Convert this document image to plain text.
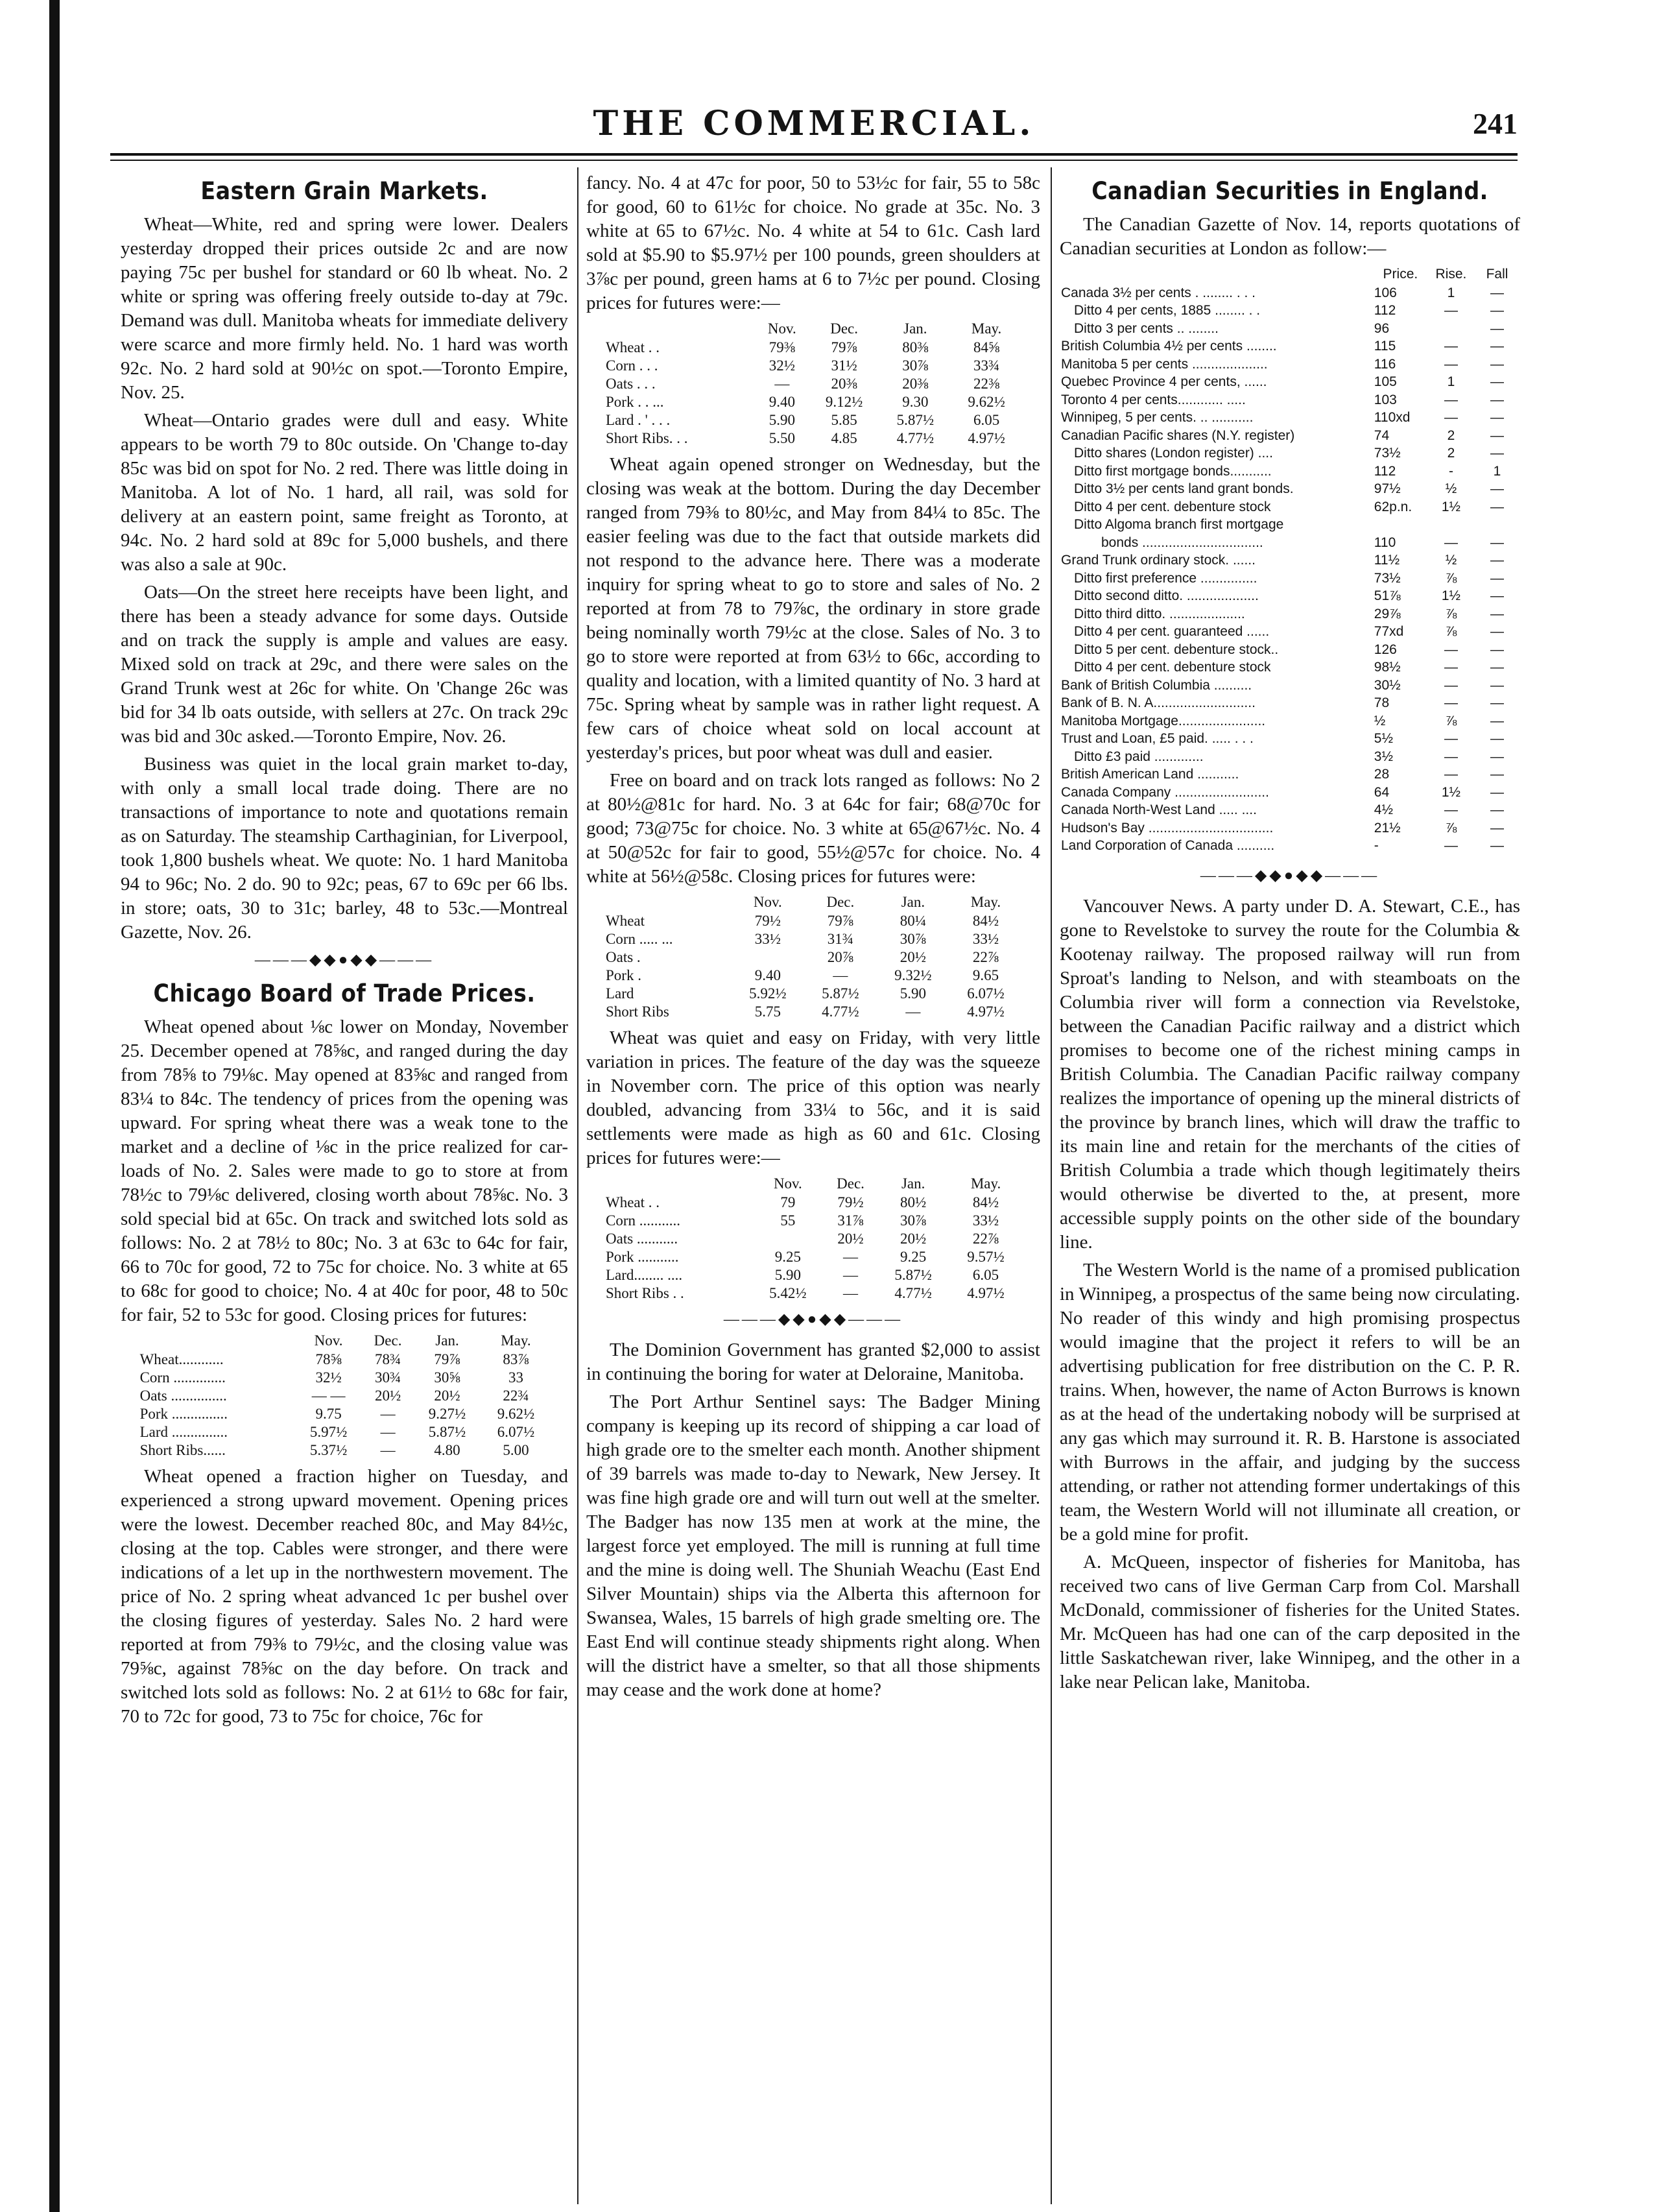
THE COMMERCIAL.	241
Eastern Grain Markets.

Wheat—White, red and spring were lower. Dealers yesterday dropped their prices outside 2c and are now paying 75c per bushel for standard or 60 lb wheat. No. 2 white or spring was offering freely outside to-day at 79c. Demand was dull. Manitoba wheats for immediate delivery were scarce and more firmly held. No. 1 hard was worth 92c. No. 2 hard sold at 90½c on spot.—Toronto Empire, Nov. 25.

Wheat—Ontario grades were dull and easy. White appears to be worth 79 to 80c outside. On 'Change to-day 85c was bid on spot for No. 2 red. There was little doing in Manitoba. A lot of No. 1 hard, all rail, was sold for delivery at an eastern point, same freight as Toronto, at 94c. No. 2 hard sold at 89c for 5,000 bushels, and there was also a sale at 90c.

Oats—On the street here receipts have been light, and there has been a steady advance for some days. Outside and on track the supply is ample and values are easy. Mixed sold on track at 29c, and there were sales on the Grand Trunk west at 26c for white. On 'Change 26c was bid for 34 lb oats outside, with sellers at 27c. On track 29c was bid and 30c asked.—Toronto Empire, Nov. 26.

Business was quiet in the local grain market to-day, with only a small local trade doing. There are no transactions of importance to note and quotations remain as on Saturday. The steamship Carthaginian, for Liverpool, took 1,800 bushels wheat. We quote: No. 1 hard Manitoba 94 to 96c; No. 2 do. 90 to 92c; peas, 67 to 69c per 66 lbs. in store; oats, 30 to 31c; barley, 48 to 53c.—Montreal Gazette, Nov. 26.

———◆◆●◆◆———
Chicago Board of Trade Prices.

Wheat opened about ⅛c lower on Monday, November 25. December opened at 78⅝c, and ranged during the day from 78⅝ to 79⅛c. May opened at 83⅝c and ranged from 83¼ to 84c. The tendency of prices from the opening was upward. For spring wheat there was a weak tone to the market and a decline of ⅛c in the price realized for car-loads of No. 2. Sales were made to go to store at from 78½c to 79⅛c delivered, closing worth about 78⅝c. No. 3 sold special bid at 65c. On track and switched lots sold as follows: No. 2 at 78½ to 80c; No. 3 at 63c to 64c for fair, 66 to 70c for good, 72 to 75c for choice. No. 3 white at 65 to 68c for good to choice; No. 4 at 40c for poor, 48 to 50c for fair, 52 to 53c for good. Closing prices for futures:

	Nov.	Dec.	Jan.	May.
Wheat............	78⅝	78¾	79⅞	83⅞
Corn ..............	32½	30¾	30⅝	33
Oats ...............	— —	20½	20½	22¾
Pork ...............	9.75	—	9.27½	9.62½
Lard ...............	5.97½	—	5.87½	6.07½
Short Ribs......	5.37½	—	4.80	5.00

Wheat opened a fraction higher on Tuesday, and experienced a strong upward movement. Opening prices were the lowest. December reached 80c, and May 84½c, closing at the top. Cables were stronger, and there were indications of a let up in the northwestern movement. The price of No. 2 spring wheat advanced 1c per bushel over the closing figures of yesterday. Sales No. 2 hard were reported at from 79⅜ to 79½c, and the closing value was 79⅝c, against 78⅝c on the day before. On track and switched lots sold as follows: No. 2 at 61½ to 68c for fair, 70 to 72c for good, 73 to 75c for choice, 76c for

fancy. No. 4 at 47c for poor, 50 to 53½c for fair, 55 to 58c for good, 60 to 61½c for choice. No grade at 35c. No. 3 white at 65 to 67½c. No. 4 white at 54 to 61c. Cash lard sold at $5.90 to $5.97½ per 100 pounds, green shoulders at 3⅞c per pound, green hams at 6 to 7½c per pound. Closing prices for futures were:—

	Nov.	Dec.	Jan.	May.
Wheat . .	79⅜	79⅞	80⅜	84⅝
Corn . . .	32½	31½	30⅞	33¾
Oats . . .	—	20⅜	20⅜	22⅜
Pork . . ...	9.40	9.12½	9.30	9.62½
Lard . ' . . .	5.90	5.85	5.87½	6.05
Short Ribs. . .	5.50	4.85	4.77½	4.97½

Wheat again opened stronger on Wednesday, but the closing was weak at the bottom. During the day December ranged from 79⅜ to 80½c, and May from 84¼ to 85c. The easier feeling was due to the fact that outside markets did not respond to the advance here. There was a moderate inquiry for spring wheat to go to store and sales of No. 2 reported at from 78 to 79⅞c, the ordinary in store grade being nominally worth 79½c at the close. Sales of No. 3 to go to store were reported at from 63½ to 66c, according to quality and location, with a limited quantity of No. 3 hard at 75c. Spring wheat by sample was in rather light request. A few cars of choice wheat sold on local account at yesterday's prices, but poor wheat was dull and easier.

Free on board and on track lots ranged as follows: No 2 at 80½@81c for hard. No. 3 at 64c for fair; 68@70c for good; 73@75c for choice. No. 3 white at 65@67½c. No. 4 at 50@52c for fair to good, 55½@57c for choice. No. 4 white at 56½@58c. Closing prices for futures were:

	Nov.	Dec.	Jan.	May.
Wheat	79½	79⅞	80¼	84½
Corn ..... ...	33½	31¾	30⅞	33½
Oats .		20⅞	20½	22⅞
Pork .	9.40	—	9.32½	9.65
Lard	5.92½	5.87½	5.90	6.07½
Short Ribs	5.75	4.77½	—	4.97½

Wheat was quiet and easy on Friday, with very little variation in prices. The feature of the day was the squeeze in November corn. The price of this option was nearly doubled, advancing from 33¼ to 56c, and it is said settlements were made as high as 60 and 61c. Closing prices for futures were:—

	Nov.	Dec.	Jan.	May.
Wheat . .	79	79½	80½	84½
Corn ...........	55	31⅞	30⅞	33½
Oats ...........		20½	20½	22⅞
Pork ...........	9.25	—	9.25	9.57½
Lard........ ....	5.90	—	5.87½	6.05
Short Ribs . .	5.42½	—	4.77½	4.97½
———◆◆●◆◆———

The Dominion Government has granted $2,000 to assist in continuing the boring for water at Deloraine, Manitoba.

The Port Arthur Sentinel says: The Badger Mining company is keeping up its record of shipping a car load of high grade ore to the smelter each month. Another shipment of 39 barrels was made to-day to Newark, New Jersey. It was fine high grade ore and will turn out well at the smelter. The Badger has now 135 men at work at the mine, the largest force yet employed. The mill is running at full time and the mine is doing well. The Shuniah Weachu (East End Silver Mountain) ships via the Alberta this afternoon for Swansea, Wales, 15 barrels of high grade smelting ore. The East End will continue steady shipments right along. When will the district have a smelter, so that all those shipments may cease and the work done at home?

Canadian Securities in England.

The Canadian Gazette of Nov. 14, reports quotations of Canadian securities at London as follow:—

	Price.	Rise.	Fall
Canada 3½ per cents . ........ . . .	106	1	—
Ditto 4 per cents, 1885 ........ . .	112	—	—
Ditto 3 per cents .. ........	96		—
British Columbia 4½ per cents ........	115	—	—
Manitoba 5 per cents ....................	116	—	—
Quebec Province 4 per cents, ......	105	1	—
Toronto 4 per cents............ .....	103	—	—
Winnipeg, 5 per cents. .. ...........	110xd	—	—
Canadian Pacific shares (N.Y. register)	74	2	—
Ditto shares (London register) ....	73½	2	—
Ditto first mortgage bonds...........	112	-	1
Ditto 3½ per cents land grant bonds.	97½	½	—
Ditto 4 per cent. debenture stock	62p.n.	1½	—
Ditto Algoma branch first mortgage			
bonds ................................	110	—	—
Grand Trunk ordinary stock. ......	11½	½	—
Ditto first preference ...............	73½	⅞	—
Ditto second ditto. ...................	51⅞	1½	—
Ditto third ditto. ....................	29⅞	⅞	—
Ditto 4 per cent. guaranteed ......	77xd	⅞	—
Ditto 5 per cent. debenture stock..	126	—	—
Ditto 4 per cent. debenture stock	98½	—	—
Bank of British Columbia ..........	30½	—	—
Bank of B. N. A...........................	78	—	—
Manitoba Mortgage.......................	½	⅞	—
Trust and Loan, £5 paid. ..... . . .	5½	—	—
Ditto £3 paid .............	3½	—	—
British American Land ...........	28	—	—
Canada Company .........................	64	1½	—
Canada North-West Land ..... ....	4½	—	—
Hudson's Bay .................................	21½	⅞	—
Land Corporation of Canada ..........	-	—	—
———◆◆●◆◆———

Vancouver News. A party under D. A. Stewart, C.E., has gone to Revelstoke to survey the route for the Columbia & Kootenay railway. The proposed railway will run from Sproat's landing to Nelson, and with steamboats on the Columbia river will form a connection via Revelstoke, between the Canadian Pacific railway and a district which promises to become one of the richest mining camps in British Columbia. The Canadian Pacific railway company realizes the importance of opening up the mineral districts of the province by branch lines, which will draw the traffic to its main line and retain for the merchants of the cities of British Columbia a trade which though legitimately theirs would otherwise be diverted to the, at present, more accessible supply points on the other side of the boundary line.

The Western World is the name of a promised publication in Winnipeg, a prospectus of the same being now circulating. No reader of this windy and high promising prospectus would imagine that the project it refers to will be an advertising publication for free distribution on the C. P. R. trains. When, however, the name of Acton Burrows is known as at the head of the undertaking nobody will be surprised at any gas which may surround it. R. B. Harstone is associated with Burrows in the affair, and judging by the success attending, or rather not attending former undertakings of this team, the Western World will not illuminate all creation, or be a gold mine for profit.

A. McQueen, inspector of fisheries for Manitoba, has received two cans of live German Carp from Col. Marshall McDonald, commissioner of fisheries for the United States. Mr. McQueen has had one can of the carp deposited in the little Saskatchewan river, lake Winnipeg, and the other in a lake near Pelican lake, Manitoba.
